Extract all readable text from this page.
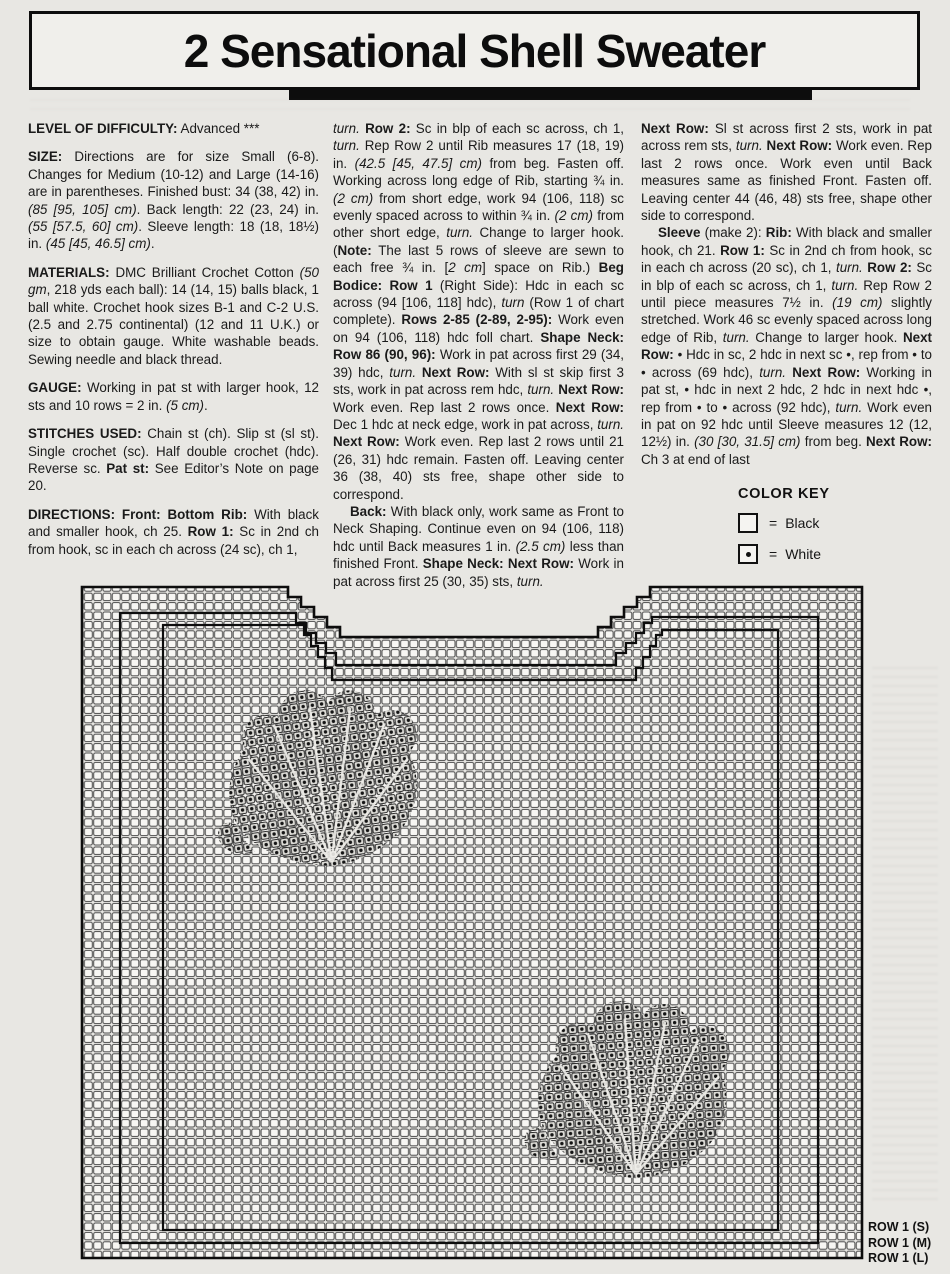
2 Sensational Shell Sweater

LEVEL OF DIFFICULTY: Advanced ***

SIZE: Directions are for size Small (6-8). Changes for Medium (10-12) and Large (14-16) are in parentheses. Finished bust: 34 (38, 42) in. (85 [95, 105] cm). Back length: 22 (23, 24) in. (55 [57.5, 60] cm). Sleeve length: 18 (18, 18½) in. (45 [45, 46.5] cm).

MATERIALS: DMC Brilliant Crochet Cotton (50 gm, 218 yds each ball): 14 (14, 15) balls black, 1 ball white. Crochet hook sizes B-1 and C-2 U.S. (2.5 and 2.75 continental) (12 and 11 U.K.) or size to obtain gauge. White washable beads. Sewing needle and black thread.

GAUGE: Working in pat st with larger hook, 12 sts and 10 rows = 2 in. (5 cm).

STITCHES USED: Chain st (ch). Slip st (sl st). Single crochet (sc). Half double crochet (hdc). Reverse sc. Pat st: See Editor’s Note on page 20.

DIRECTIONS: Front: Bottom Rib: With black and smaller hook, ch 25. Row 1: Sc in 2nd ch from hook, sc in each ch across (24 sc), ch 1,

turn. Row 2: Sc in blp of each sc across, ch 1, turn. Rep Row 2 until Rib measures 17 (18, 19) in. (42.5 [45, 47.5] cm) from beg. Fasten off. Working across long edge of Rib, starting ¾ in. (2 cm) from short edge, work 94 (106, 118) sc evenly spaced across to within ¾ in. (2 cm) from other short edge, turn. Change to larger hook. (Note: The last 5 rows of sleeve are sewn to each free ¾ in. [2 cm] space on Rib.) Beg Bodice: Row 1 (Right Side): Hdc in each sc across (94 [106, 118] hdc), turn (Row 1 of chart complete). Rows 2-85 (2-89, 2-95): Work even on 94 (106, 118) hdc foll chart. Shape Neck: Row 86 (90, 96): Work in pat across first 29 (34, 39) hdc, turn. Next Row: With sl st skip first 3 sts, work in pat across rem hdc, turn. Next Row: Work even. Rep last 2 rows once. Next Row: Dec 1 hdc at neck edge, work in pat across, turn. Next Row: Work even. Rep last 2 rows until 21 (26, 31) hdc remain. Fasten off. Leaving center 36 (38, 40) sts free, shape other side to correspond.

Back: With black only, work same as Front to Neck Shaping. Continue even on 94 (106, 118) hdc until Back measures 1 in. (2.5 cm) less than finished Front. Shape Neck: Next Row: Work in pat across first 25 (30, 35) sts, turn.

Next Row: Sl st across first 2 sts, work in pat across rem sts, turn. Next Row: Work even. Rep last 2 rows once. Work even until Back measures same as finished Front. Fasten off. Leaving center 44 (46, 48) sts free, shape other side to correspond.

Sleeve (make 2): Rib: With black and smaller hook, ch 21. Row 1: Sc in 2nd ch from hook, sc in each ch across (20 sc), ch 1, turn. Row 2: Sc in blp of each sc across, ch 1, turn. Rep Row 2 until piece measures 7½ in. (19 cm) slightly stretched. Work 46 sc evenly spaced across long edge of Rib, turn. Change to larger hook. Next Row: • Hdc in sc, 2 hdc in next sc •, rep from • to • across (69 hdc), turn. Next Row: Working in pat st, • hdc in next 2 hdc, 2 hdc in next hdc •, rep from • to • across (92 hdc), turn. Work even in pat on 92 hdc until Sleeve measures 12 (12, 12½) in. (30 [30, 31.5] cm) from beg. Next Row: Ch 3 at end of last

COLOR KEY
= Black
= White
ROW 1 (S)
ROW 1 (M)
ROW 1 (L)
